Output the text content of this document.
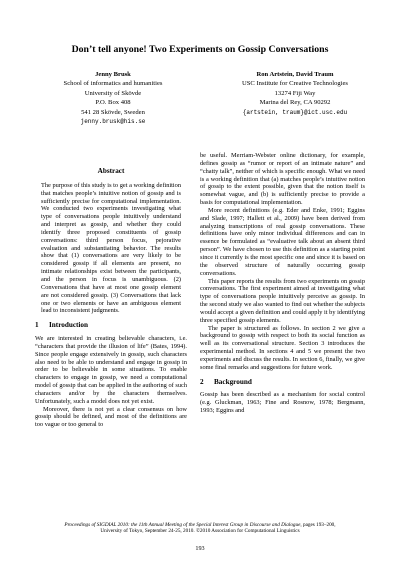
Don’t tell anyone! Two Experiments on Gossip Conversations
Jenny Brusk
School of informatics and humanities
University of Skövde
P.O. Box 408
541 28 Skövde, Sweden
jenny.brusk@his.se
Ron Artstein, David Traum
USC Institute for Creative Technologies
13274 Fiji Way
Marina del Rey, CA 90292
{artstein, traum}@ict.usc.edu
Abstract

The purpose of this study is to get a working definition that matches people’s intuitive notion of gossip and is sufficiently precise for computational implementation. We conducted two experiments investigating what type of conversations people intuitively understand and interpret as gossip, and whether they could identify three proposed constituents of gossip conversations: third person focus, pejorative evaluation and substantiating behavior. The results show that (1) conversations are very likely to be considered gossip if all elements are present, no intimate relationships exist between the participants, and the person in focus is unambiguous. (2) Conversations that have at most one gossip element are not considered gossip. (3) Conversations that lack one or two elements or have an ambiguous element lead to inconsistent judgments.

1 Introduction

We are interested in creating believable characters, i.e. “characters that provide the illusion of life” (Bates, 1994). Since people engage extensively in gossip, such characters also need to be able to understand and engage in gossip in order to be believable in some situations. To enable characters to engage in gossip, we need a computational model of gossip that can be applied in the authoring of such characters and/or by the characters themselves. Unfortunately, such a model does not yet exist.

Moreover, there is not yet a clear consensus on how gossip should be defined, and most of the definitions are too vague or too general to

be useful. Merriam-Webster online dictionary, for example, defines gossip as “rumor or report of an intimate nature” and “chatty talk”, neither of which is specific enough. What we need is a working definition that (a) matches people’s intuitive notion of gossip to the extent possible, given that the notion itself is somewhat vague, and (b) is sufficiently precise to provide a basis for computational implementation.

More recent definitions (e.g. Eder and Enke, 1991; Eggins and Slade, 1997; Hallett et al., 2009) have been derived from analyzing transcriptions of real gossip conversations. These definitions have only minor individual differences and can in essence be formulated as “evaluative talk about an absent third person”. We have chosen to use this definition as a starting point since it currently is the most specific one and since it is based on the observed structure of naturally occurring gossip conversations.

This paper reports the results from two experiments on gossip conversations. The first experiment aimed at investigating what type of conversations people intuitively perceive as gossip. In the second study we also wanted to find out whether the subjects would accept a given definition and could apply it by identifying three specified gossip elements.

The paper is structured as follows. In section 2 we give a background to gossip with respect to both its social function as well as its conversational structure. Section 3 introduces the experimental method. In sections 4 and 5 we present the two experiments and discuss the results. In section 6, finally, we give some final remarks and suggestions for future work.

2 Background

Gossip has been described as a mechanism for social control (e.g. Gluckman, 1963; Fine and Rosnow, 1978; Bergmann, 1993; Eggins and

Proceedings of SIGDIAL 2010: the 11th Annual Meeting of the Special Interest Group in Discourse and Dialogue, pages 193–200,
University of Tokyo, September 24-25, 2010. ©2010 Association for Computational Linguistics
193
